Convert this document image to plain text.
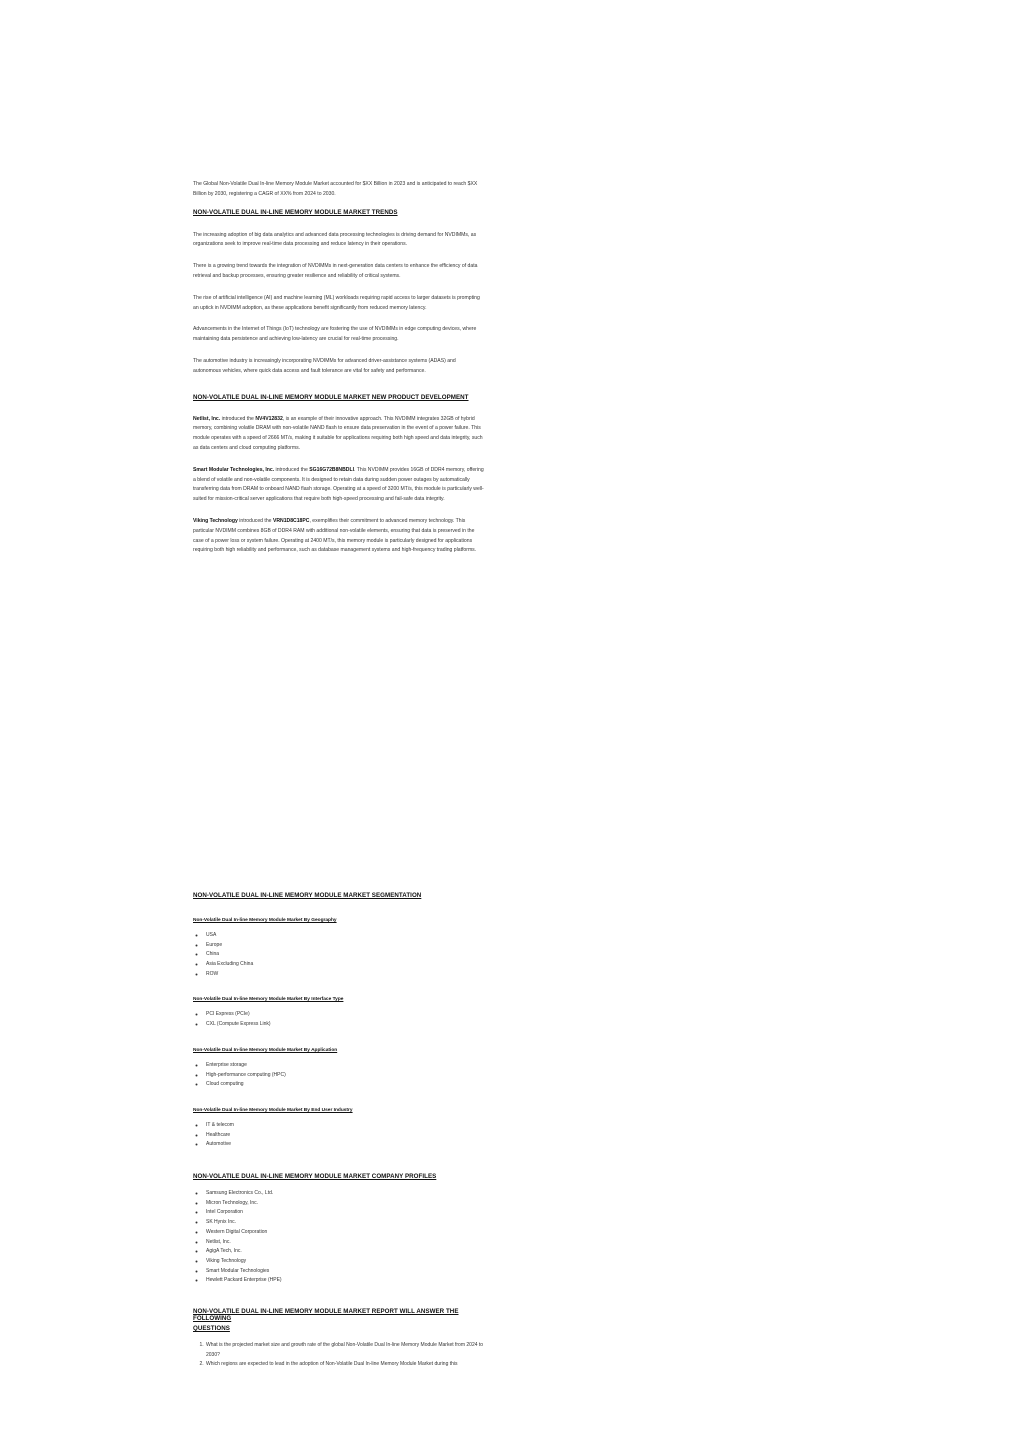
The Global Non-Volatile Dual In-line Memory Module Market accounted for $XX Billion in 2023 and is anticipated to reach $XX Billion by 2030, registering a CAGR of XX% from 2024 to 2030.

NON-VOLATILE DUAL IN-LINE MEMORY MODULE MARKET TRENDS

The increasing adoption of big data analytics and advanced data processing technologies is driving demand for NVDIMMs, as organizations seek to improve real-time data processing and reduce latency in their operations.

There is a growing trend towards the integration of NVDIMMs in next-generation data centers to enhance the efficiency of data retrieval and backup processes, ensuring greater resilience and reliability of critical systems.

The rise of artificial intelligence (AI) and machine learning (ML) workloads requiring rapid access to larger datasets is prompting an uptick in NVDIMM adoption, as these applications benefit significantly from reduced memory latency.

Advancements in the Internet of Things (IoT) technology are fostering the use of NVDIMMs in edge computing devices, where maintaining data persistence and achieving low-latency are crucial for real-time processing.

The automotive industry is increasingly incorporating NVDIMMs for advanced driver-assistance systems (ADAS) and autonomous vehicles, where quick data access and fault tolerance are vital for safety and performance.

NON-VOLATILE DUAL IN-LINE MEMORY MODULE MARKET NEW PRODUCT DEVELOPMENT

Netlist, Inc. introduced the NV4V12832, is an example of their innovative approach. This NVDIMM integrates 32GB of hybrid memory, combining volatile DRAM with non-volatile NAND flash to ensure data preservation in the event of a power failure. This module operates with a speed of 2666 MT/s, making it suitable for applications requiring both high speed and data integrity, such as data centers and cloud computing platforms.

Smart Modular Technologies, Inc. introduced the SG16G72B8NBDLI. This NVDIMM provides 16GB of DDR4 memory, offering a blend of volatile and non-volatile components. It is designed to retain data during sudden power outages by automatically transferring data from DRAM to onboard NAND flash storage. Operating at a speed of 3200 MT/s, this module is particularly well-suited for mission-critical server applications that require both high-speed processing and fail-safe data integrity.

Viking Technology introduced the VRN1D8C18PC, exemplifies their commitment to advanced memory technology. This particular NVDIMM combines 8GB of DDR4 RAM with additional non-volatile elements, ensuring that data is preserved in the case of a power loss or system failure. Operating at 2400 MT/s, this memory module is particularly designed for applications requiring both high reliability and performance, such as database management systems and high-frequency trading platforms.

NON-VOLATILE DUAL IN-LINE MEMORY MODULE MARKET SEGMENTATION

Non-Volatile Dual In-line Memory Module Market By Geography

◦ USA
◦ Europe
◦ China
◦ Asia Excluding China
◦ ROW

Non-Volatile Dual In-line Memory Module Market By Interface Type

◦ PCI Express (PCIe)
◦ CXL (Compute Express Link)

Non-Volatile Dual In-line Memory Module Market By Application

◦ Enterprise storage
◦ High-performance computing (HPC)
◦ Cloud computing

Non-Volatile Dual In-line Memory Module Market By End User Industry

◦ IT & telecom
◦ Healthcare
◦ Automotive

NON-VOLATILE DUAL IN-LINE MEMORY MODULE MARKET COMPANY PROFILES

◦ Samsung Electronics Co., Ltd.
◦ Micron Technology, Inc.
◦ Intel Corporation
◦ SK Hynix Inc.
◦ Western Digital Corporation
◦ Netlist, Inc.
◦ AgigA Tech, Inc.
◦ Viking Technology
◦ Smart Modular Technologies
◦ Hewlett Packard Enterprise (HPE)

NON-VOLATILE DUAL IN-LINE MEMORY MODULE MARKET REPORT WILL ANSWER THE FOLLOWING

QUESTIONS

1. What is the projected market size and growth rate of the global Non-Volatile Dual In-line Memory Module Market from 2024 to 2030?
2. Which regions are expected to lead in the adoption of Non-Volatile Dual In-line Memory Module Market during this
